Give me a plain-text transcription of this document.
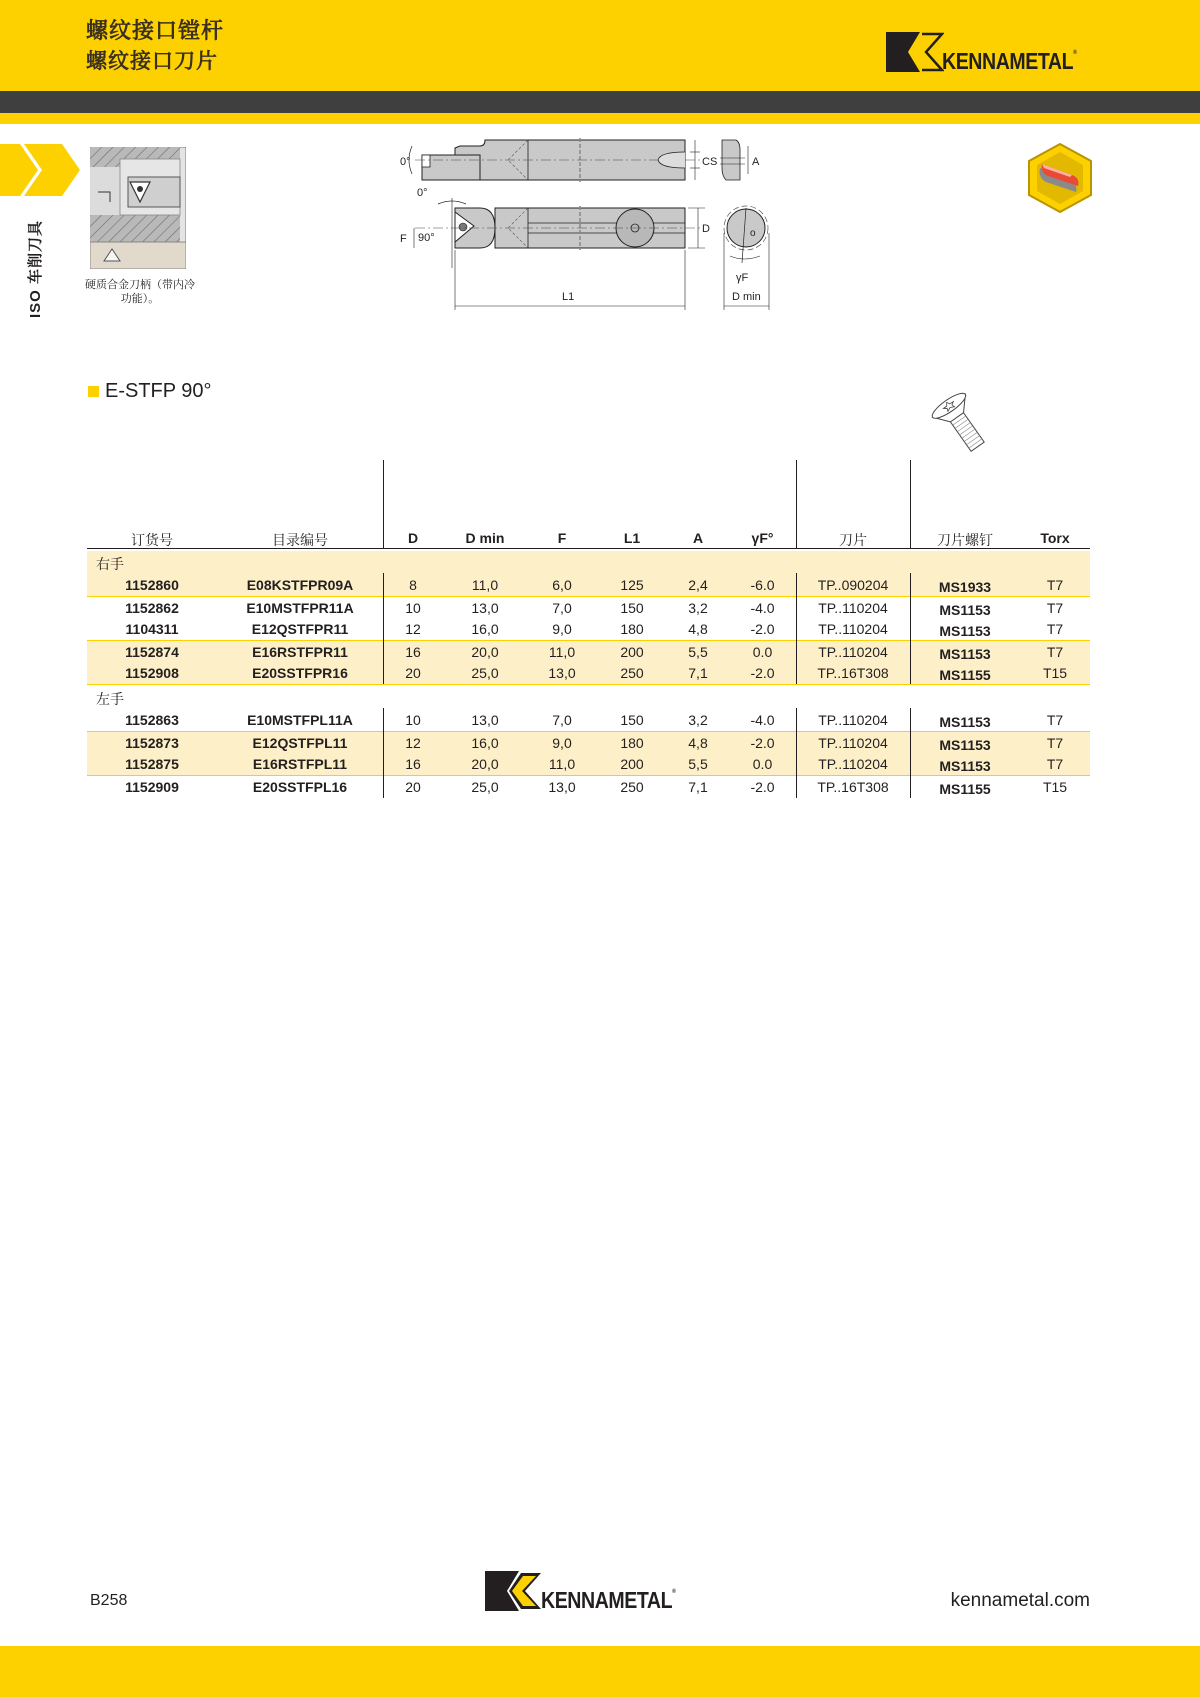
螺纹接口镗杆
螺纹接口刀片	KENNAMETAL®
ISO 车削刀具	硬质合金刀柄（带内冷功能）。
0°	CS	A
0°
F 90°
D	o
γF
L1	D min
E-STFP 90°
订货号	目录编号	D	D min	F	L1	A	γF°	刀片	刀片螺钉	Torx
右手
1152860	E08KSTFPR09A	8	11,0	6,0	125	2,4	-6.0	TP..090204	MS1933	T7
1152862	E10MSTFPR11A	10	13,0	7,0	150	3,2	-4.0	TP..110204	MS1153	T7
1104311	E12QSTFPR11	12	16,0	9,0	180	4,8	-2.0	TP..110204	MS1153	T7
1152874	E16RSTFPR11	16	20,0	11,0	200	5,5	0.0	TP..110204	MS1153	T7
1152908	E20SSTFPR16	20	25,0	13,0	250	7,1	-2.0	TP..16T308	MS1155	T15
左手
1152863	E10MSTFPL11A	10	13,0	7,0	150	3,2	-4.0	TP..110204	MS1153	T7
1152873	E12QSTFPL11	12	16,0	9,0	180	4,8	-2.0	TP..110204	MS1153	T7
1152875	E16RSTFPL11	16	20,0	11,0	200	5,5	0.0	TP..110204	MS1153	T7
1152909	E20SSTFPL16	20	25,0	13,0	250	7,1	-2.0	TP..16T308	MS1155	T15
B258	KENNAMETAL®	kennametal.com
